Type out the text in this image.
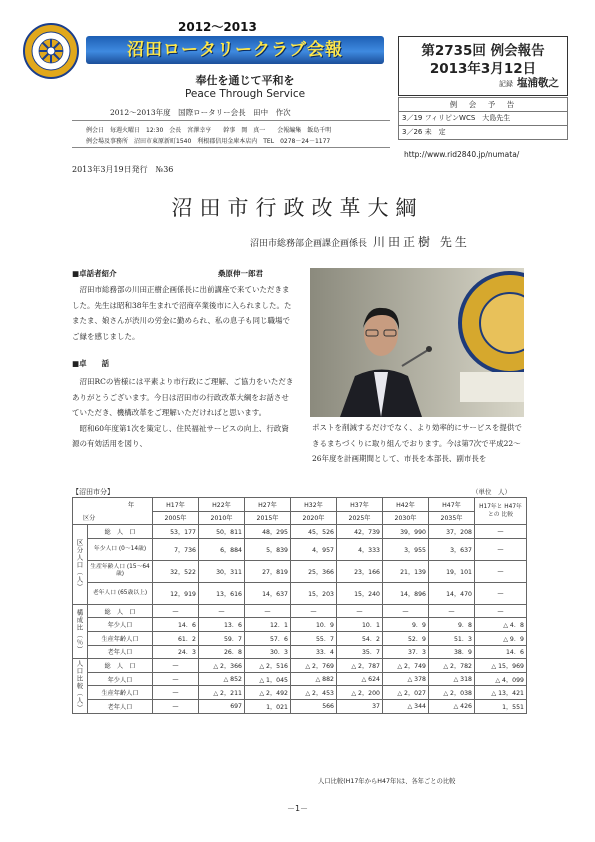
2012～2013
沼田ロータリークラブ会報
奉仕を通じて平和を
Peace Through Service
2012～2013年度　国際ロータリー会長　田中　作次
例会日　毎週火曜日　12:30　会長　宮澤幸亨　　幹事　岡　真一　　会報編集　飯島千明
例会場及事務所　沼田市東原新町1540　利根郡信用金庫本店内　TEL　0278－24－1177
第2735回 例会報告
2013年3月12日
記録 塩浦敬之
例　会　予　告
3／19 フィリピンWCS　大島先生
3／26 未　定
http://www.rid2840.jp/numata/
2013年3月19日発行　№36
沼田市行政改革大綱
沼田市総務部企画課企画係長 川田正樹 先生
■卓話者紹介	桑原伸一郎君
沼田市総務部の川田正樹企画係長に出前講座で来ていただきました。先生は昭和38年生まれで沼商卒業後市に入られました。たまたま、娘さんが渋川の労金に勤められ、私の息子も同じ職場でご縁を感じました。
■卓　　話
沼田RCの皆様には平素より市行政にご理解、ご協力をいただきありがとうございます。今日は沼田市の行政改革大綱をお話させていただき、機構改革をご理解いただければと思います。
　昭和60年度第1次を策定し、住民福祉サービスの向上、行政資源の有効活用を図り、
ポストを削減するだけでなく、より効率的にサービスを提供できるまちづくりに取り組んでおります。今は第7次で平成22～26年度を計画期間として、市長を本部長、副市長を
【沼田市分】	（単位　人）
年		H17年	H22年	H27年	H32年	H37年	H42年	H47年	H17年と H47年との 比較
区分		2005年	2010年	2015年	2020年	2025年	2030年	2035年	
区分人口（人）	総　人　口	53，177	50，811	48，295	45，526	42，739	39，990	37，208	—
	年少人口 (0～14歳)	7，736	6，884	5，839	4，957	4，333	3，955	3，637	—
	生産年齢人口 (15～64歳)	32，522	30，311	27，819	25，366	23，166	21，139	19，101	—
	老年人口 (65歳以上)	12，919	13，616	14，637	15，203	15，240	14，896	14，470	—
構成比（％）	総　人　口	—	—	—	—	—	—	—	—
	年少人口	14．6	13．6	12．1	10．9	10．1	9．9	9．8	△ 4．8
	生産年齢人口	61．2	59．7	57．6	55．7	54．2	52．9	51．3	△ 9．9
	老年人口	24．3	26．8	30．3	33．4	35．7	37．3	38．9	14．6
人口比較（人）	総　人　口	—	△ 2，366	△ 2，516	△ 2，769	△ 2，787	△ 2，749	△ 2，782	△ 15，969
	年少人口	—	△ 852	△ 1，045	△ 882	△ 624	△ 378	△ 318	△ 4，099
	生産年齢人口	—	△ 2，211	△ 2，492	△ 2，453	△ 2，200	△ 2，027	△ 2，038	△ 13，421
	老年人口	—	697	1，021	566	37	△ 344	△ 426	1，551
人口比較(H17年からH47年)は、各年ごとの比較
－1－
